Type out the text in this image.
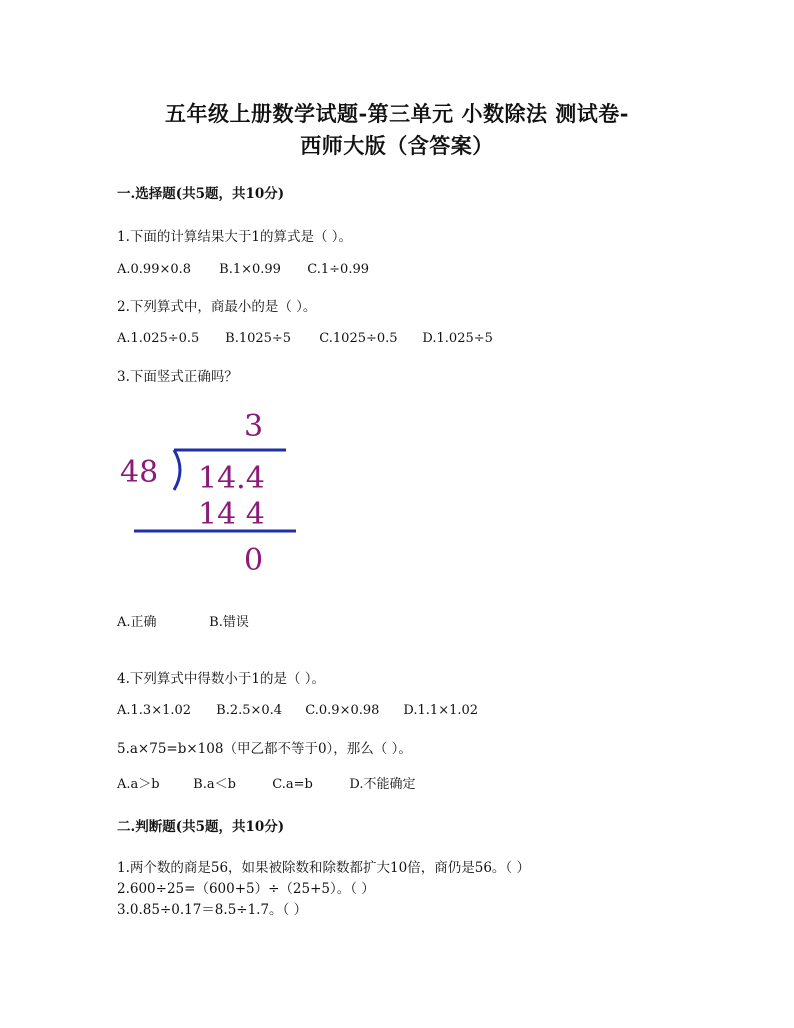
五年级上册数学试题-第三单元 小数除法 测试卷-
西师大版（含答案）
一.选择题(共5题，共10分)
1.下面的计算结果大于1的算式是（ ）。
A.0.99×0.8 B.1×0.99 C.1÷0.99
2.下列算式中，商最小的是（ ）。
A.1.025÷0.5 B.1025÷5 C.1025÷0.5 D.1.025÷5
3.下面竖式正确吗？
3
48 14.4
14 4
0
A.正确	B.错误
4.下列算式中得数小于1的是（ ）。
A.1.3×1.02 B.2.5×0.4 C.0.9×0.98 D.1.1×1.02
5.a×75=b×108（甲乙都不等于0），那么（ ）。
A.a＞b	B.a＜b	C.a=b	D.不能确定
二.判断题(共5题，共10分)
1.两个数的商是56，如果被除数和除数都扩大10倍，商仍是56。（ ）
2.600÷25=（600+5）÷（25+5）。（ ）
3.0.85÷0.17＝8.5÷1.7。（ ）
